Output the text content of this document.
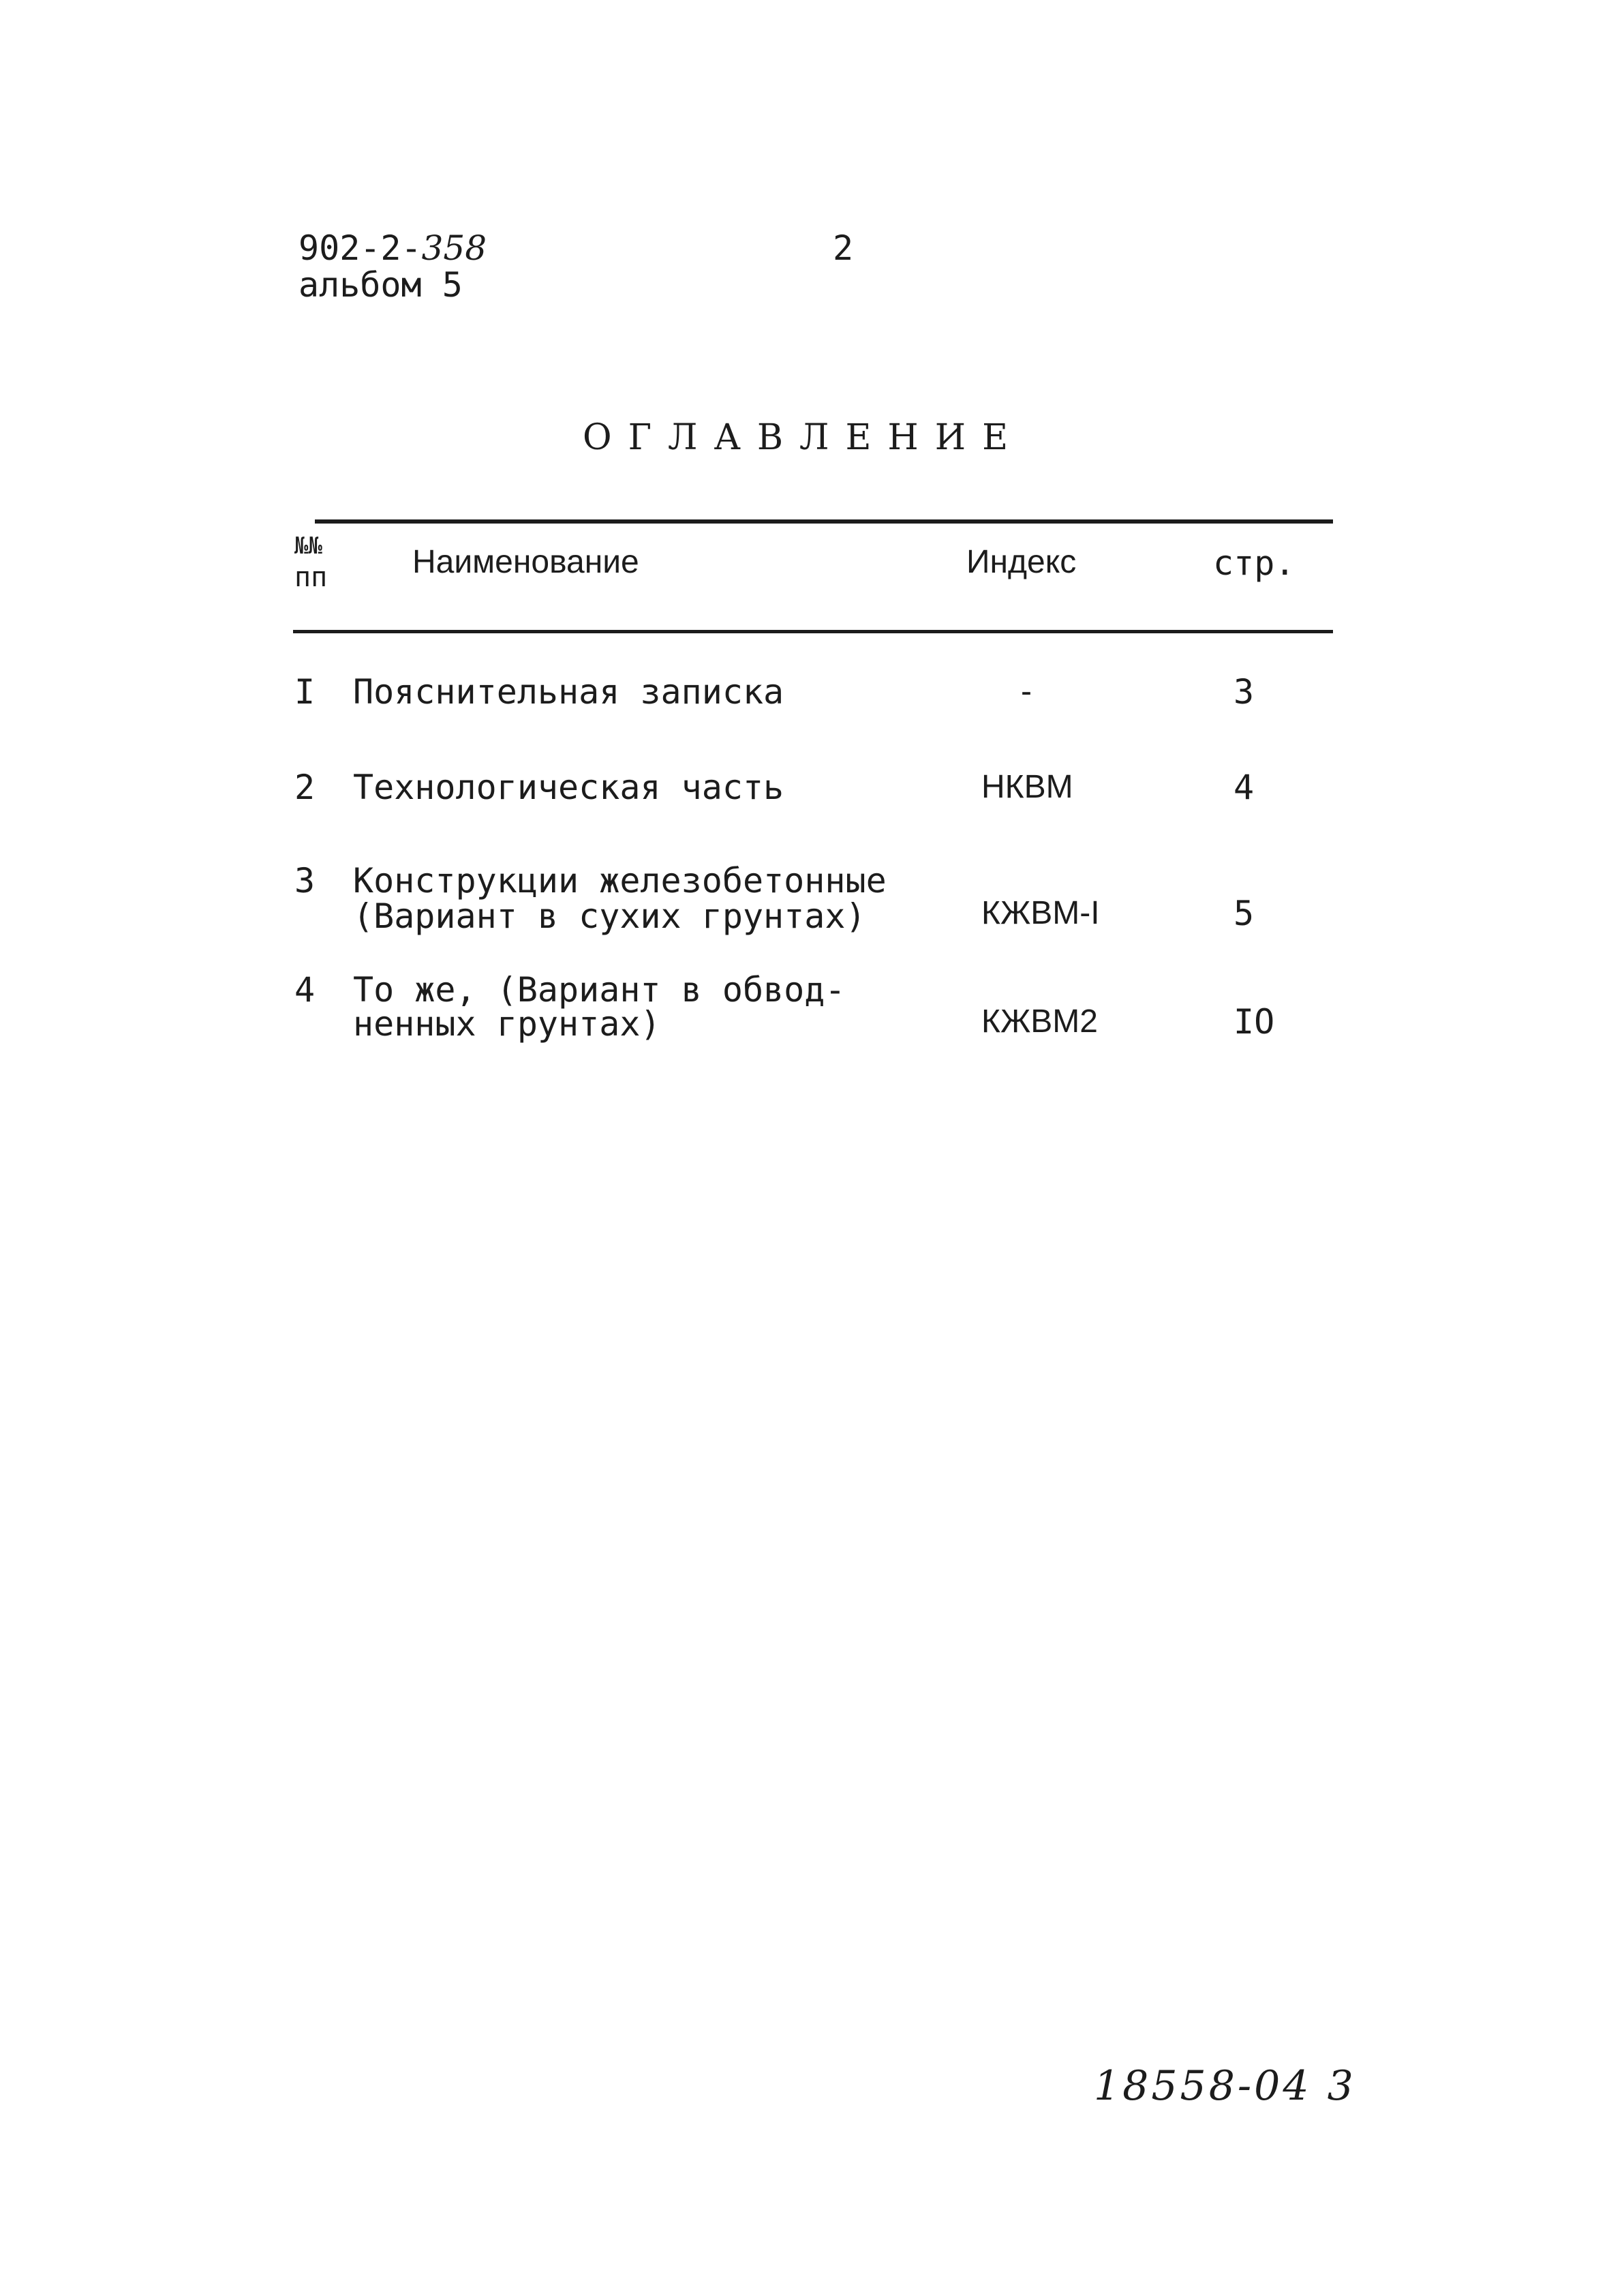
902-2-358
альбом 5
2
ОГЛАВЛЕНИЕ
№№
пп	Наименование	Индекс	стр.
I Пояснительная записка	-	3
2 Технологическая часть	НКВМ	4
3 Конструкции железобетонные
(Вариант в сухих грунтах)	КЖВМ-I	5
4 То же, (Вариант в обвод-
ненных грунтах)	КЖВМ2	IO
18558-04 3
